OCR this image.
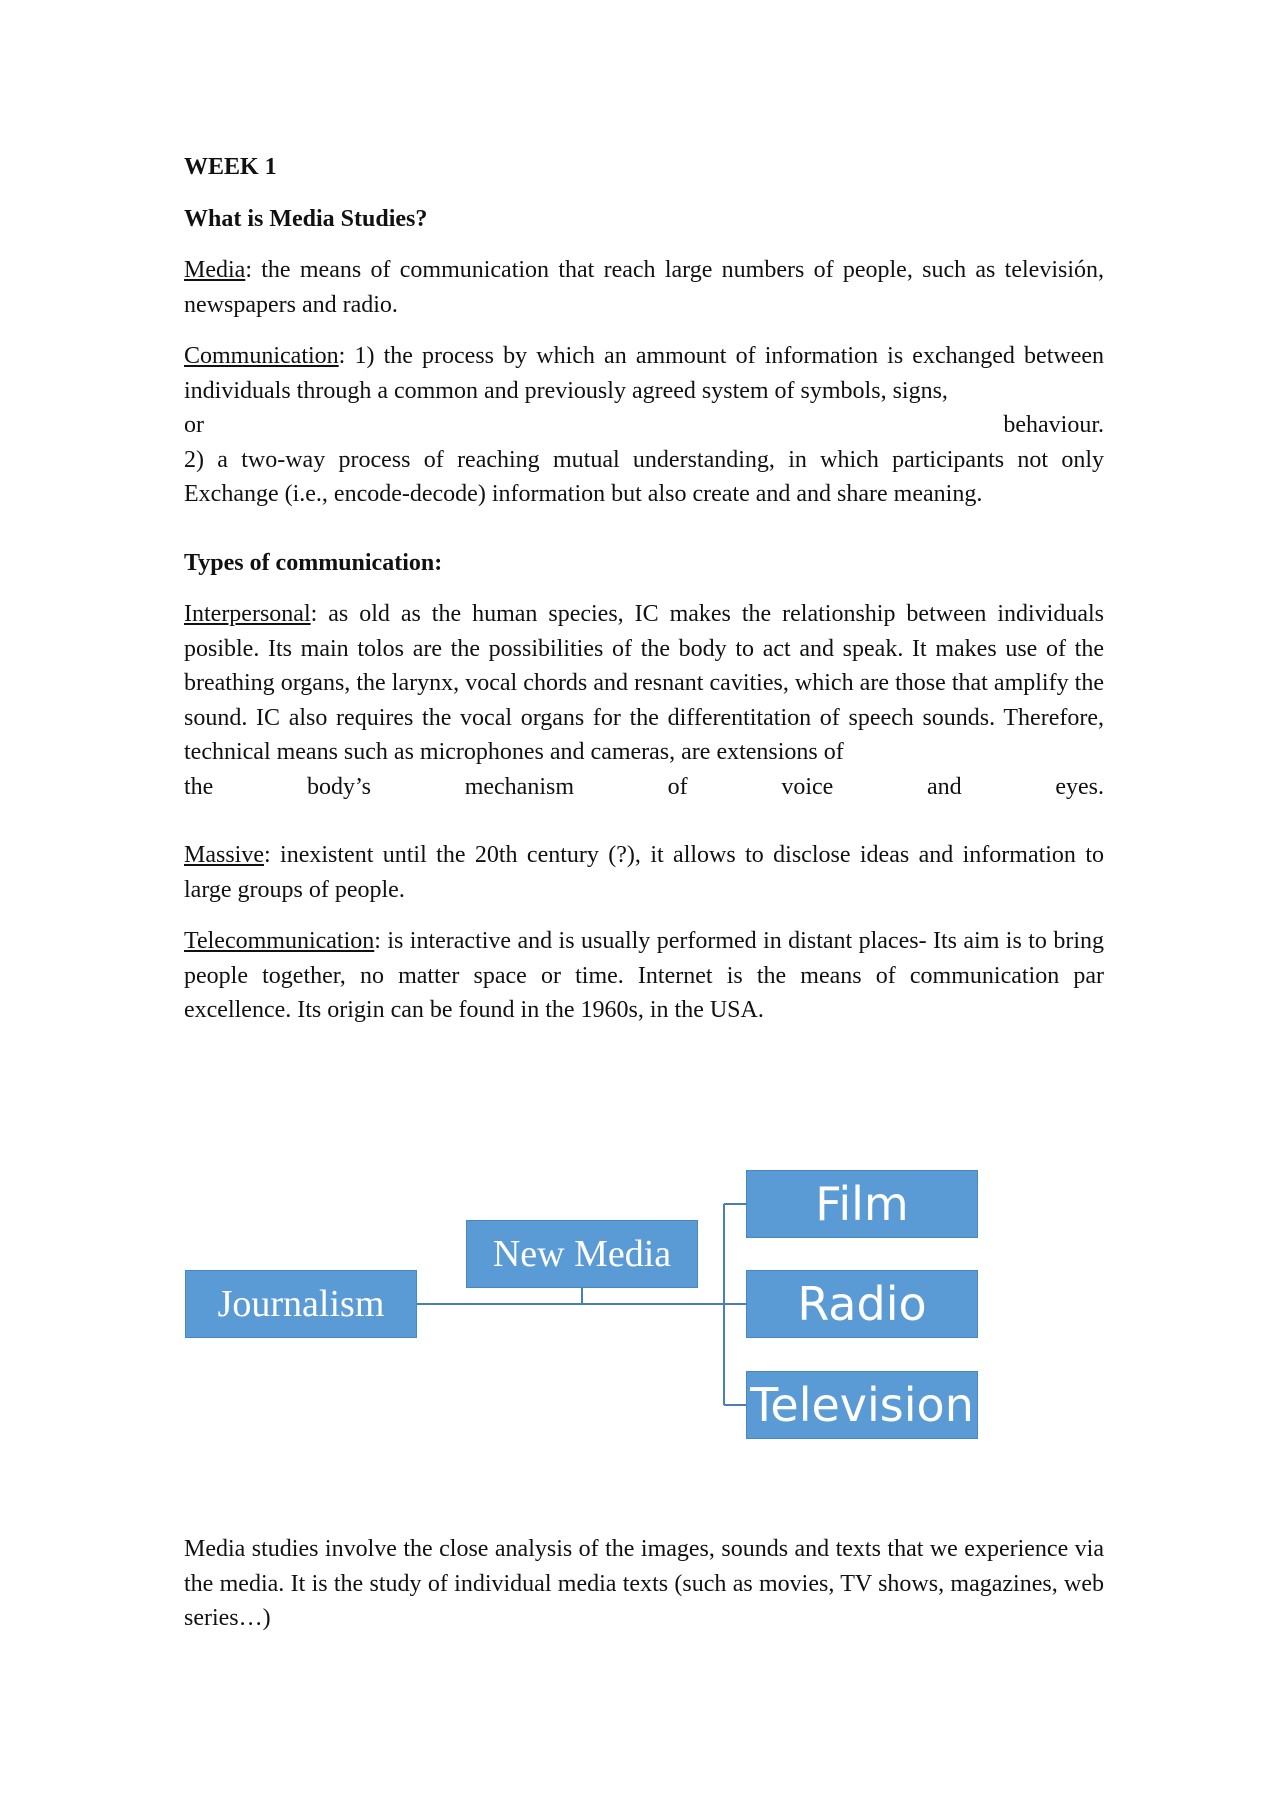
WEEK 1

What is Media Studies?

Media: the means of communication that reach large numbers of people, such as televisión, newspapers and radio.

Communication: 1) the process by which an ammount of information is exchanged between individuals through a common and previously agreed system of symbols, signs,

or behaviour.

2) a two-way process of reaching mutual understanding, in which participants not only Exchange (i.e., encode-decode) information but also create and and share meaning.

Types of communication:

Interpersonal: as old as the human species, IC makes the relationship between individuals posible. Its main tolos are the possibilities of the body to act and speak. It makes use of the breathing organs, the larynx, vocal chords and resnant cavities, which are those that amplify the sound. IC also requires the vocal organs for the differentitation of speech sounds. Therefore, technical means such as microphones and cameras, are extensions of

the body’s mechanism of voice and eyes.

Massive: inexistent until the 20th century (?), it allows to disclose ideas and information to large groups of people.

Telecommunication: is interactive and is usually performed in distant places- Its aim is to bring people together, no matter space or time. Internet is the means of communication par excellence. Its origin can be found in the 1960s, in the USA.

Journalism
New Media
Film
Radio
Television

Media studies involve the close analysis of the images, sounds and texts that we experience via the media. It is the study of individual media texts (such as movies, TV shows, magazines, web series…)
